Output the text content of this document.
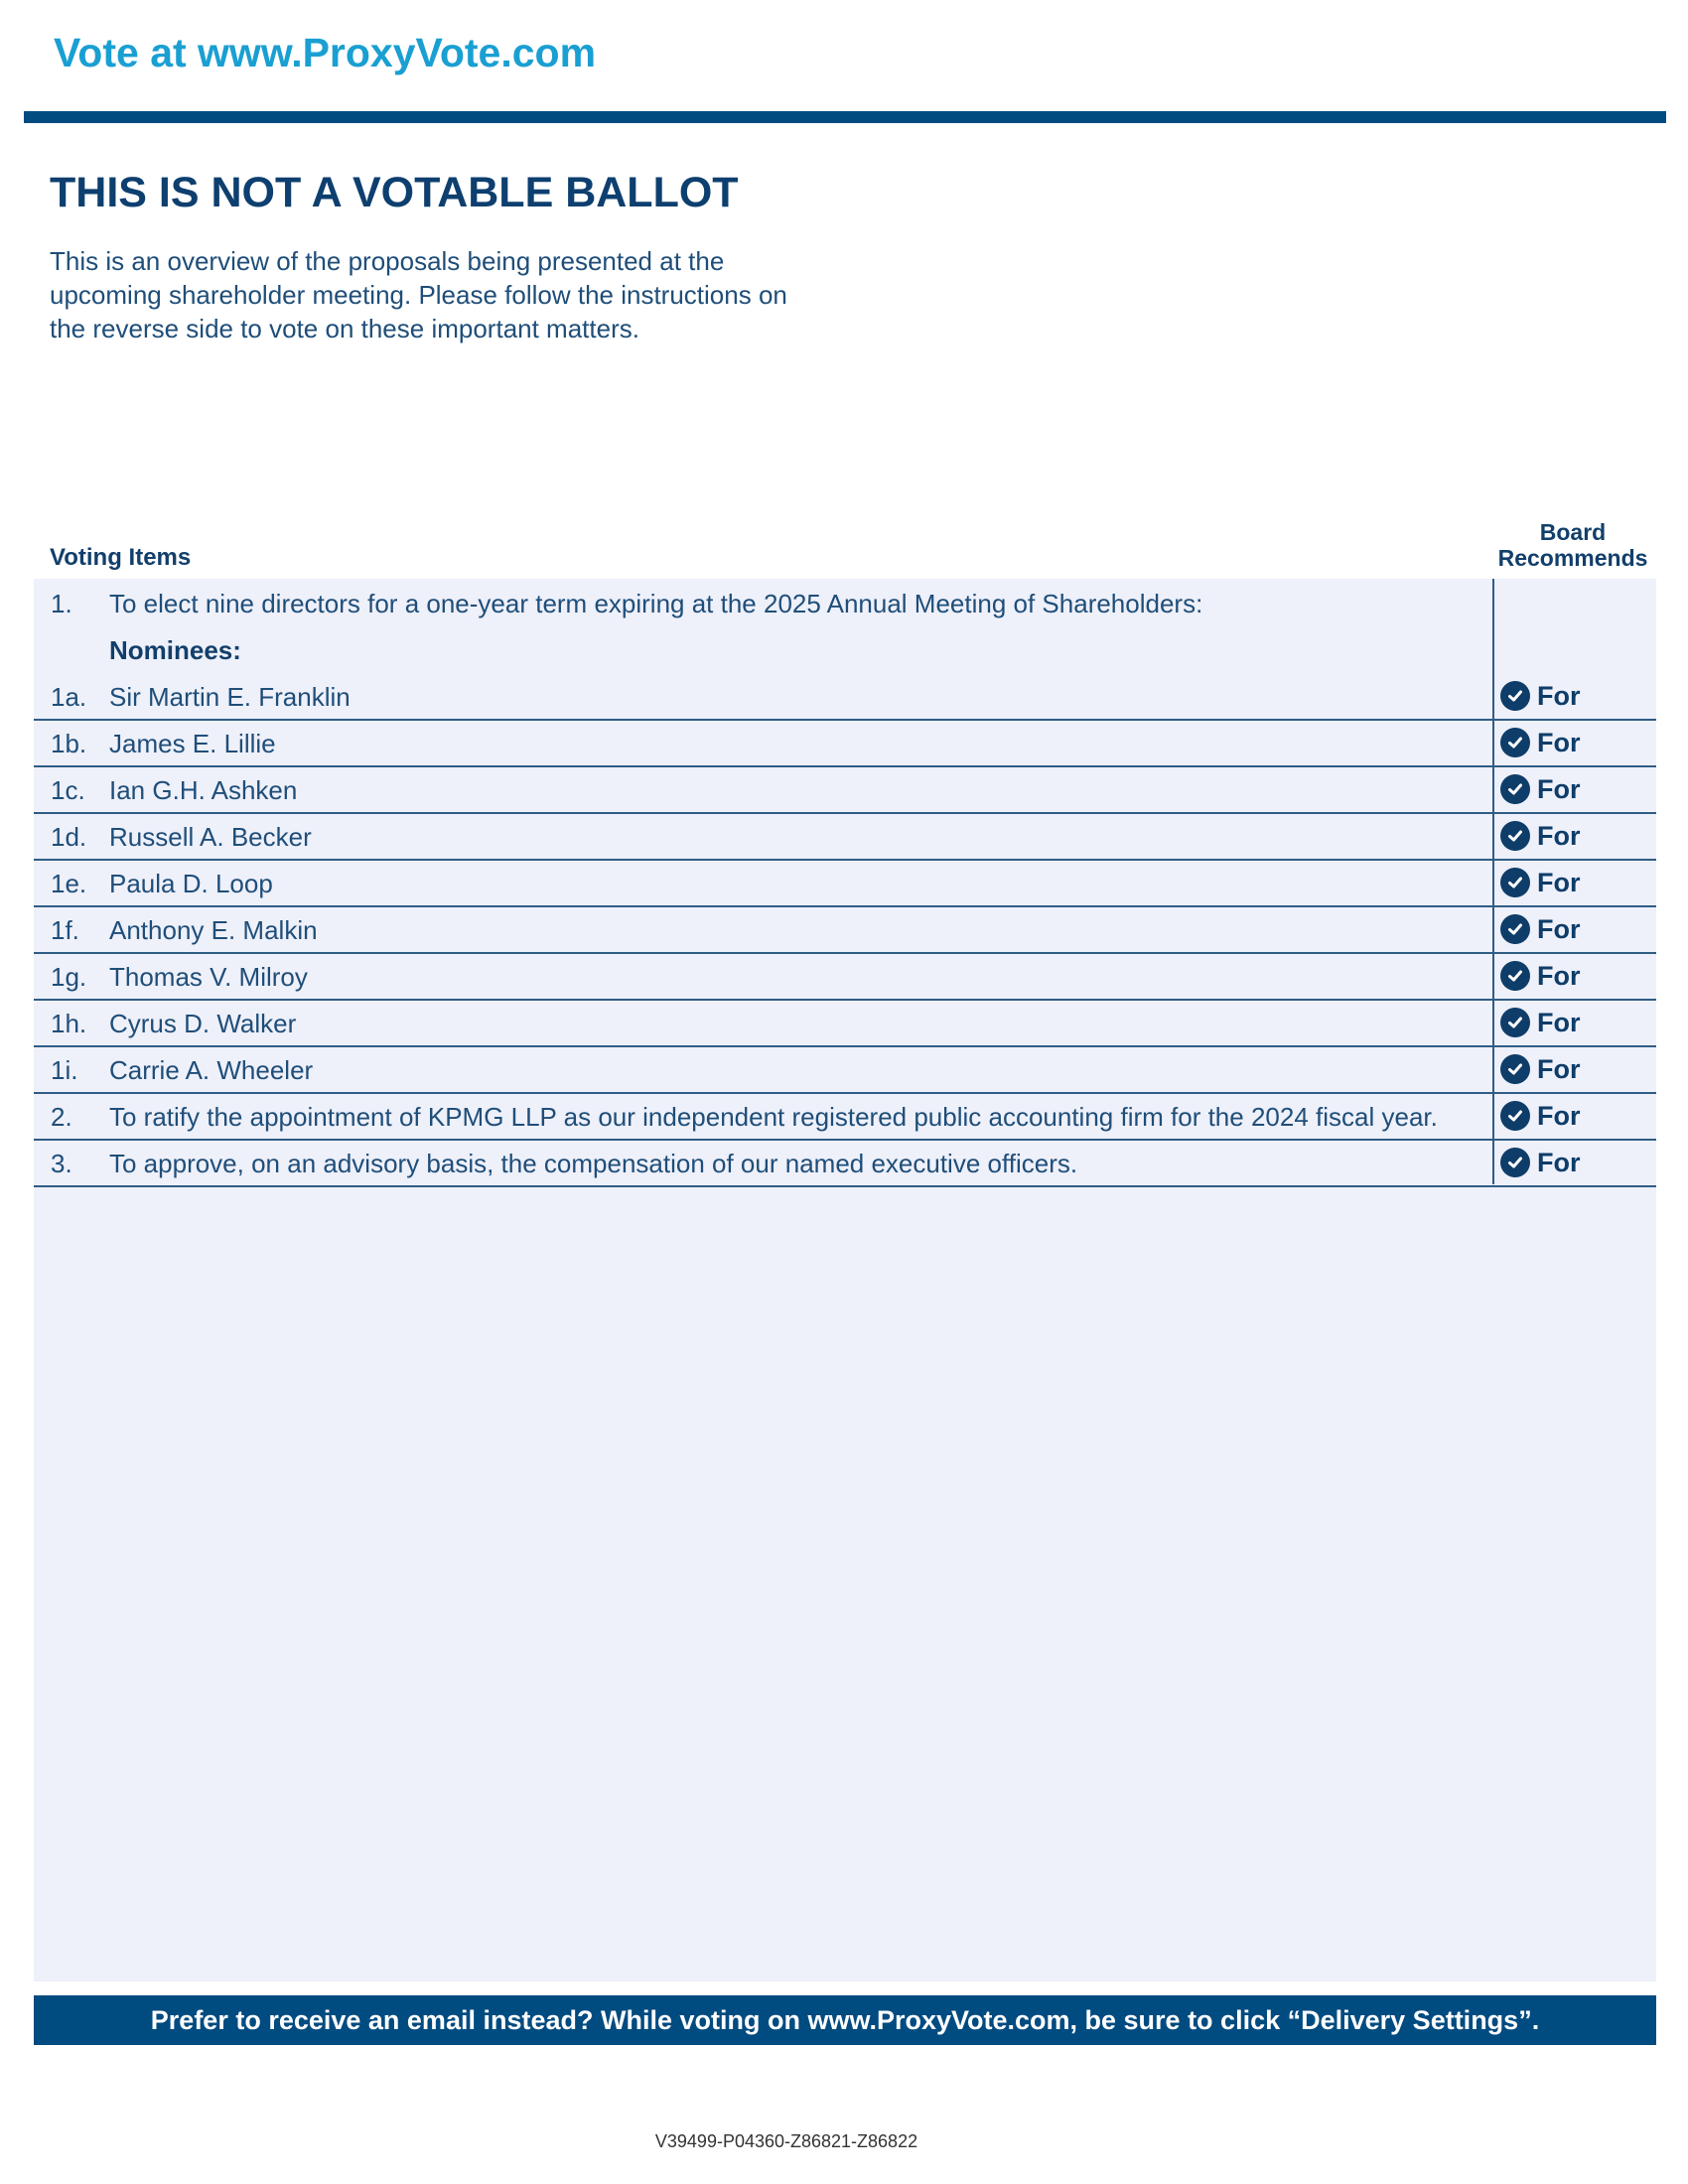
Vote at www.ProxyVote.com
THIS IS NOT A VOTABLE BALLOT
This is an overview of the proposals being presented at the
upcoming shareholder meeting. Please follow the instructions on
the reverse side to vote on these important matters.
Voting Items
Board
Recommends
1. To elect nine directors for a one-year term expiring at the 2025 Annual Meeting of Shareholders:
Nominees:
1a. Sir Martin E. Franklin	For
1b. James E. Lillie	For
1c. Ian G.H. Ashken	For
1d. Russell A. Becker	For
1e. Paula D. Loop	For
1f. Anthony E. Malkin	For
1g. Thomas V. Milroy	For
1h. Cyrus D. Walker	For
1i. Carrie A. Wheeler	For
2. To ratify the appointment of KPMG LLP as our independent registered public accounting firm for the 2024 fiscal year.	For
3. To approve, on an advisory basis, the compensation of our named executive officers.	For
Prefer to receive an email instead? While voting on www.ProxyVote.com, be sure to click “Delivery Settings”.
V39499-P04360-Z86821-Z86822
